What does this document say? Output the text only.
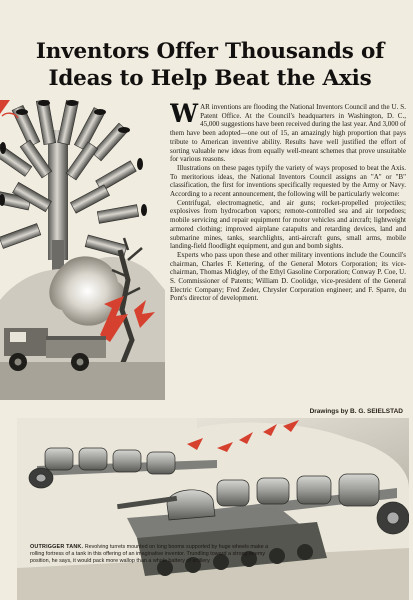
Inventors Offer Thousands of Ideas to Help Beat the Axis

WAR inventions are flooding the National Inventors Council and the U. S. Patent Office. At the Council's headquarters in Washington, D. C., 45,000 suggestions have been received during the last year. And 3,000 of them have been adopted—one out of 15, an amazingly high proportion that pays tribute to American inventive ability. Results have well justified the effort of sorting valuable new ideas from equally well-meant schemes that prove unsuitable for various reasons.

Illustrations on these pages typify the variety of ways proposed to beat the Axis. To meritorious ideas, the National Inventors Council assigns an "A" or "B" classification, the first for inventions specifically requested by the Army or Navy. According to a recent announcement, the following will be particularly welcome:

Centrifugal, electromagnetic, and air guns; rocket-propelled projectiles; explosives from hydrocarbon vapors; remote-controlled sea and air torpedoes; mobile servicing and repair equipment for motor vehicles and aircraft; lightweight armored clothing; improved airplane catapults and retarding devices, land and submarine mines, tanks, searchlights, anti-aircraft guns, small arms, mobile landing-field floodlight equipment, and gun and bomb sights.

Experts who pass upon these and other military inventions include the Council's chairman, Charles F. Kettering, of the General Motors Corporation; its vice-chairman, Thomas Midgley, of the Ethyl Gasoline Corporation; Conway P. Coe, U. S. Commissioner of Patents; William D. Coolidge, vice-president of the General Electric Company; Fred Zeder, Chrysler Corporation engineer; and F. Sparre, du Pont's director of development.

Drawings by B. G. SEIELSTAD

OUTRIGGER TANK. Revolving turrets mounted on long booms supported by huge wheels make a rolling fortress of a tank in this offering of an imaginative inventor. Trundling toward a strong enemy position, he says, it would pack more wallop than a whole battery of artillery
